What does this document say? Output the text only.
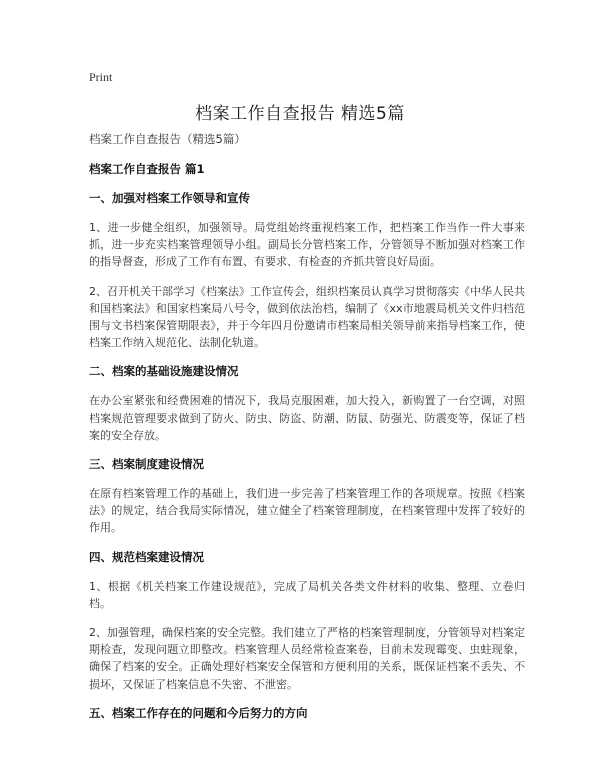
Print
档案工作自查报告 精选5篇

档案工作自查报告（精选5篇）

档案工作自查报告 篇1

一、加强对档案工作领导和宣传

1、进一步健全组织，加强领导。局党组始终重视档案工作，把档案工作当作一件大事来抓，进一步充实档案管理领导小组。副局长分管档案工作，分管领导不断加强对档案工作的指导督查，形成了工作有布置、有要求、有检查的齐抓共管良好局面。

2、召开机关干部学习《档案法》工作宣传会，组织档案员认真学习贯彻落实《中华人民共和国档案法》和国家档案局八号令，做到依法治档，编制了《xx市地震局机关文件归档范围与文书档案保管期限表》，并于今年四月份邀请市档案局相关领导前来指导档案工作，使档案工作纳入规范化、法制化轨道。

二、档案的基础设施建设情况

在办公室紧张和经费困难的情况下，我局克服困难，加大投入，新购置了一台空调，对照档案规范管理要求做到了防火、防虫、防盗、防潮、防鼠、防强光、防震变等，保证了档案的安全存放。

三、档案制度建设情况

在原有档案管理工作的基础上，我们进一步完善了档案管理工作的各项规章。按照《档案法》的规定，结合我局实际情况，建立健全了档案管理制度，在档案管理中发挥了较好的作用。

四、规范档案建设情况

1、根据《机关档案工作建设规范》，完成了局机关各类文件材料的收集、整理、立卷归档。

2、加强管理，确保档案的安全完整。我们建立了严格的档案管理制度，分管领导对档案定期检查，发现问题立即整改。档案管理人员经常检查案卷，目前未发现霉变、虫蛀现象，确保了档案的安全。正确处理好档案安全保管和方便利用的关系，既保证档案不丢失、不损坏，又保证了档案信息不失密、不泄密。

五、档案工作存在的问题和今后努力的方向
